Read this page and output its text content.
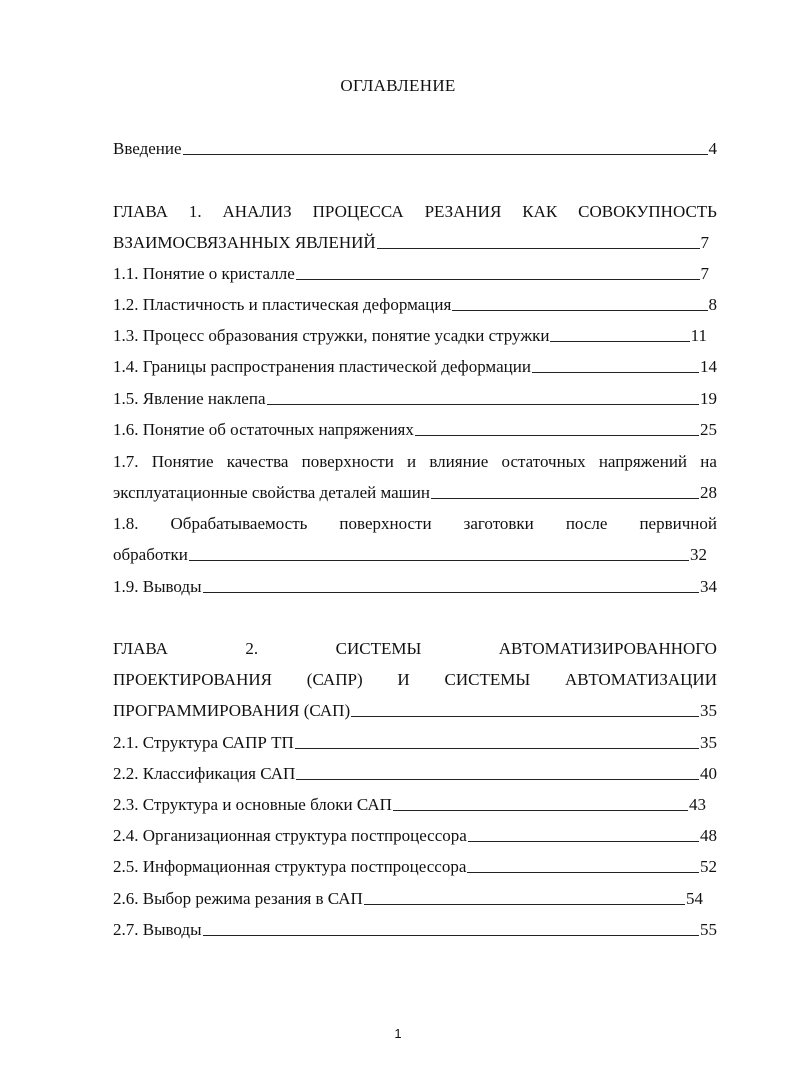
ОГЛАВЛЕНИЕ
Введение	4
ГЛАВА 1. АНАЛИЗ ПРОЦЕССА РЕЗАНИЯ КАК СОВОКУПНОСТЬ
ВЗАИМОСВЯЗАННЫХ ЯВЛЕНИЙ	7
1.1. Понятие о кристалле	7
1.2. Пластичность и пластическая деформация	8
1.3. Процесс образования стружки, понятие усадки стружки	11
1.4. Границы распространения пластической деформации	14
1.5. Явление наклепа	19
1.6. Понятие об остаточных напряжениях	25
1.7. Понятие качества поверхности и влияние остаточных напряжений на
эксплуатационные свойства деталей машин	28
1.8. Обрабатываемость поверхности заготовки после первичной
обработки	32
1.9. Выводы	34
ГЛАВА	2.	СИСТЕМЫ	АВТОМАТИЗИРОВАННОГО
ПРОЕКТИРОВАНИЯ (САПР) И СИСТЕМЫ АВТОМАТИЗАЦИИ
ПРОГРАММИРОВАНИЯ (САП)	35
2.1. Структура САПР ТП	35
2.2. Классификация САП	40
2.3. Структура и основные блоки САП	43
2.4. Организационная структура постпроцессора	48
2.5. Информационная структура постпроцессора	52
2.6. Выбор режима резания в САП	54
2.7. Выводы	55
1
